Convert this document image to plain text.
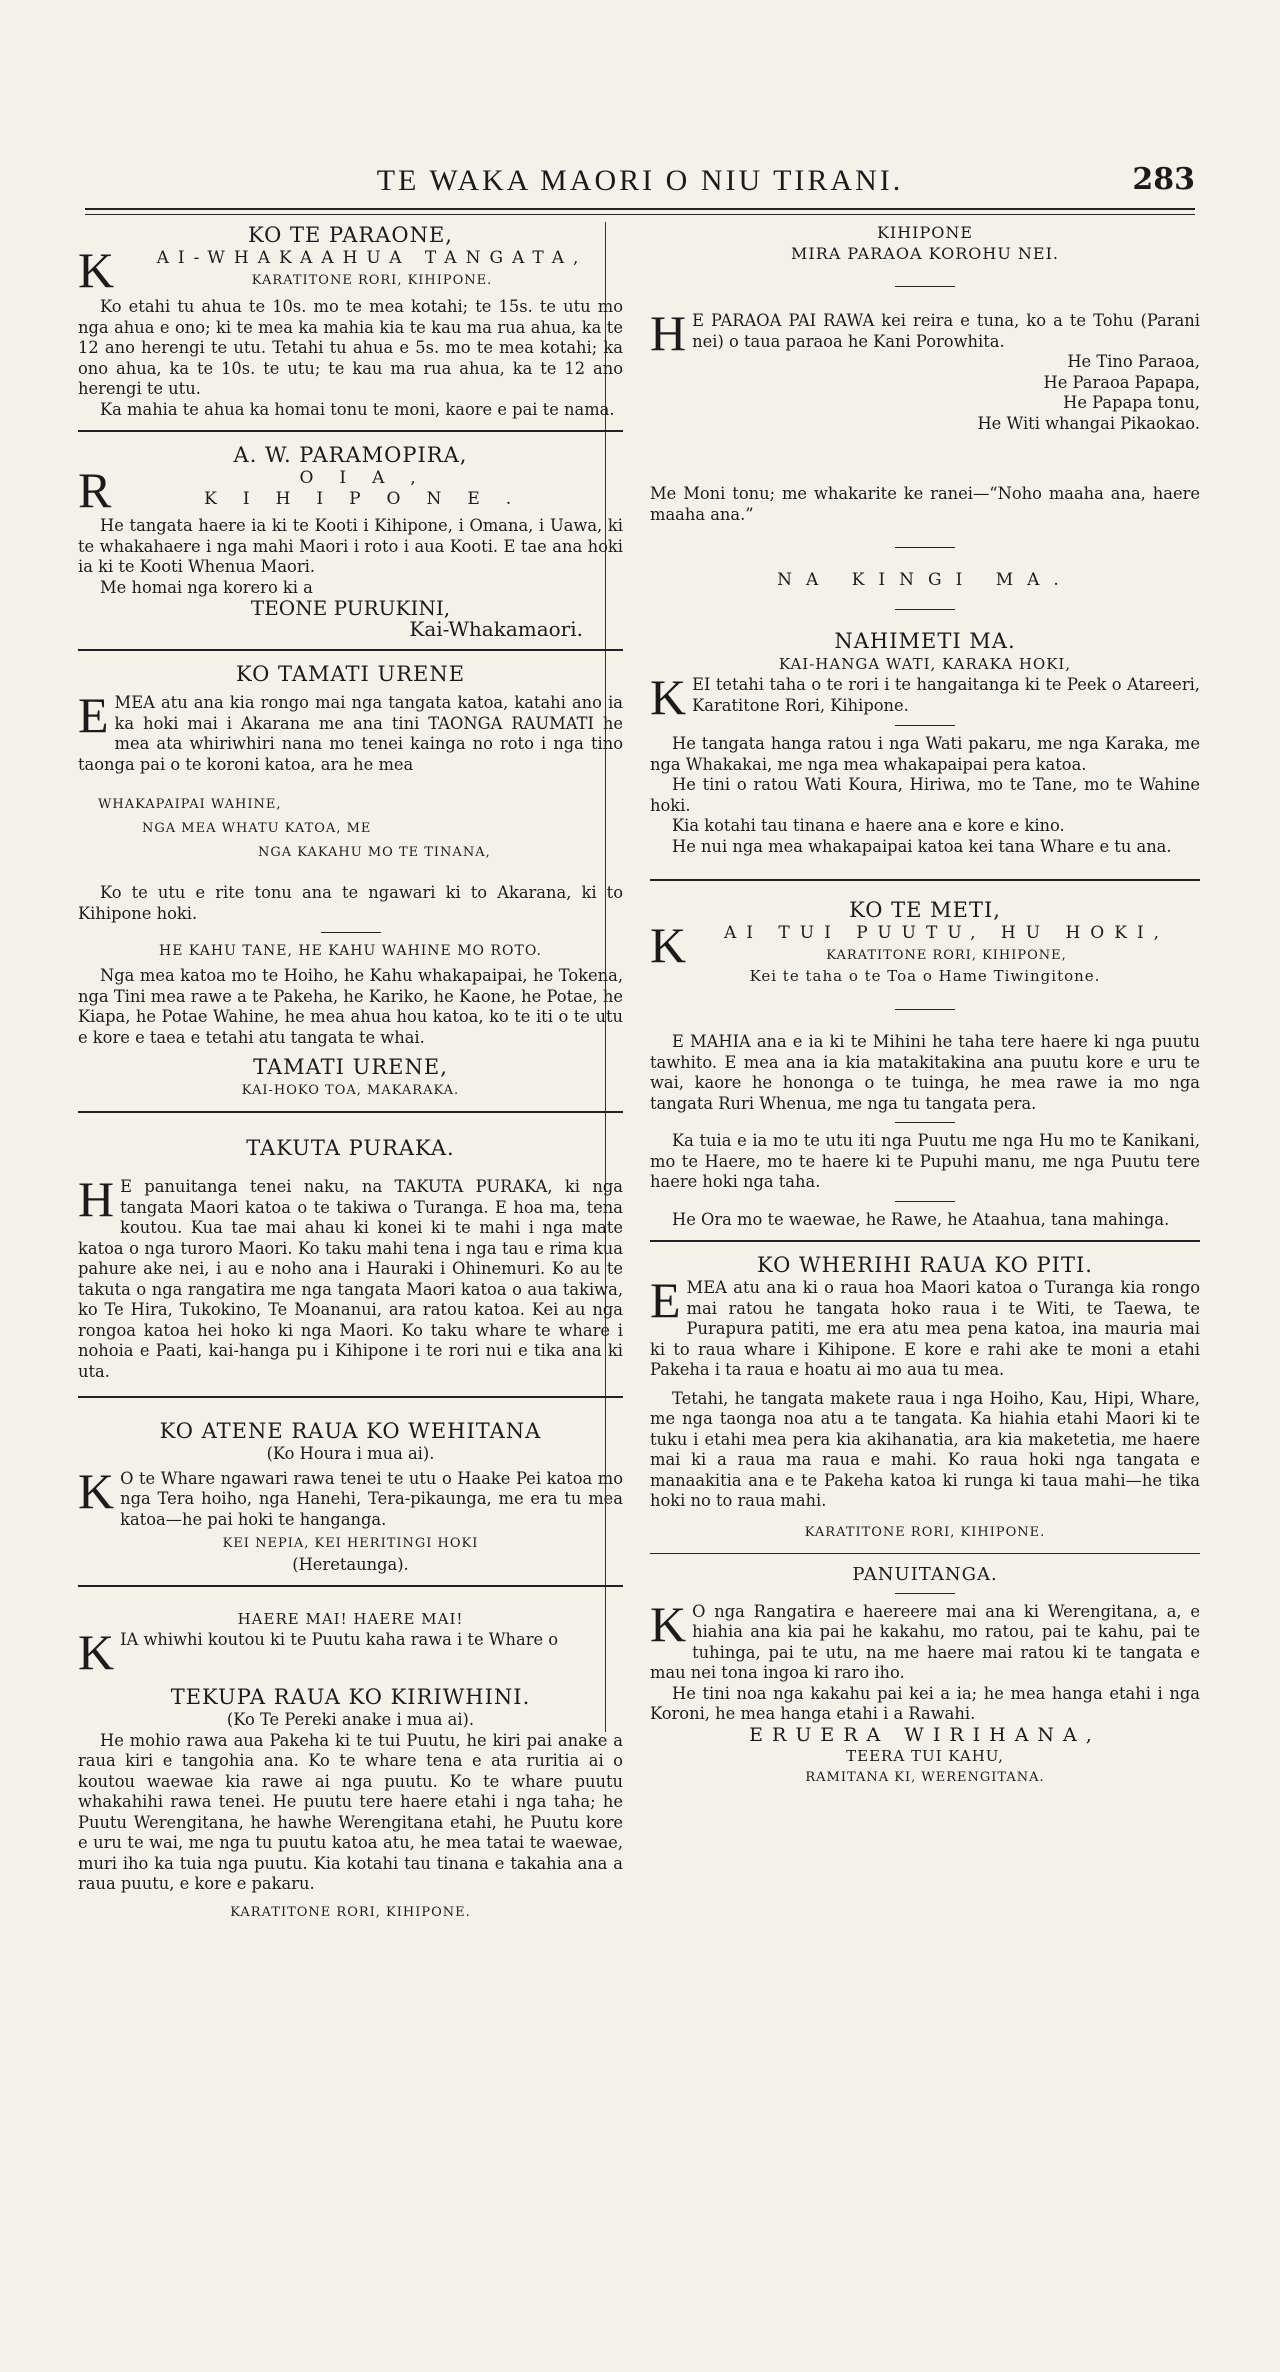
TE WAKA MAORI O NIU TIRANI.	283
KO TE PARAONE,
K AI-WHAKAAHUA TANGATA,
KARATITONE RORI, KIHIPONE.

Ko etahi tu ahua te 10s. mo te mea kotahi; te 15s. te utu mo nga ahua e ono; ki te mea ka mahia kia te kau ma rua ahua, ka te 12 ano herengi te utu. Tetahi tu ahua e 5s. mo te mea kotahi; ka ono ahua, ka te 10s. te utu; te kau ma rua ahua, ka te 12 ano herengi te utu.

Ka mahia te ahua ka homai tonu te moni, kaore e pai te nama.

A. W. PARAMOPIRA,
R	OIA, KIHIPONE.

He tangata haere ia ki te Kooti i Kihipone, i Omana, i Uawa, ki te whakahaere i nga mahi Maori i roto i aua Kooti. E tae ana hoki ia ki te Kooti Whenua Maori.

Me homai nga korero ki a

TEONE PURUKINI,
Kai-Whakamaori.
KO TAMATI URENE

EMEA atu ana kia rongo mai nga tangata katoa, katahi ano ia ka hoki mai i Akarana me ana tini TAONGA RAUMATI he mea ata whiriwhiri nana mo tenei kainga no roto i nga tino taonga pai o te koroni katoa, ara he mea

WHAKAPAIPAI WAHINE,
NGA MEA WHATU KATOA, ME
NGA KAKAHU MO TE TINANA,

Ko te utu e rite tonu ana te ngawari ki to Akarana, ki to Kihipone hoki.

HE KAHU TANE, HE KAHU WAHINE MO ROTO.

Nga mea katoa mo te Hoiho, he Kahu whakapaipai, he Tokena, nga Tini mea rawe a te Pakeha, he Kariko, he Kaone, he Potae, he Kiapa, he Potae Wahine, he mea ahua hou katoa, ko te iti o te utu e kore e taea e tetahi atu tangata te whai.

TAMATI URENE,
KAI-HOKO TOA, MAKARAKA.
TAKUTA PURAKA.

H E panuitanga tenei naku, na TAKUTA PURAKA, ki nga tangata Maori katoa o te takiwa o Turanga. E hoa ma, tena koutou. Kua tae mai ahau ki konei ki te mahi i nga mate katoa o nga turoro Maori. Ko taku mahi tena i nga tau e rima kua pahure ake nei, i au e noho ana i Hauraki i Ohinemuri. Ko au te takuta o nga rangatira me nga tangata Maori katoa o aua takiwa, ko Te Hira, Tukokino, Te Moananui, ara ratou katoa. Kei au nga rongoa katoa hei hoko ki nga Maori. Ko taku whare te whare i nohoia e Paati, kai-hanga pu i Kihipone i te rori nui e tika ana ki uta.

KO ATENE RAUA KO WEHITANA
(Ko Houra i mua ai).

K O te Whare ngawari rawa tenei te utu o Haake Pei katoa mo nga Tera hoiho, nga Hanehi, Tera-pikaunga, me era tu mea katoa—he pai hoki te hanganga.

KEI NEPIA, KEI HERITINGI HOKI
(Heretaunga).
HAERE MAI! HAERE MAI!

KIA whiwhi koutou ki te Puutu kaha rawa i te Whare o

TEKUPA RAUA KO KIRIWHINI.
(Ko Te Pereki anake i mua ai).

He mohio rawa aua Pakeha ki te tui Puutu, he kiri pai anake a raua kiri e tangohia ana. Ko te whare tena e ata ruritia ai o koutou waewae kia rawe ai nga puutu. Ko te whare puutu whakahihi rawa tenei. He puutu tere haere etahi i nga taha; he Puutu Werengitana, he hawhe Werengitana etahi, he Puutu kore e uru te wai, me nga tu puutu katoa atu, he mea tatai te waewae, muri iho ka tuia nga puutu. Kia kotahi tau tinana e takahia ana a raua puutu, e kore e pakaru.

KARATITONE RORI, KIHIPONE.
KIHIPONE
MIRA PARAOA KOROHU NEI.

H E PARAOA PAI RAWA kei reira e tuna, ko a te Tohu (Parani nei) o taua paraoa he Kani Porowhita.

He Tino Paraoa,
He Paraoa Papapa,
He Papapa tonu,
He Witi whangai Pikaokao.

Me Moni tonu; me whakarite ke ranei—“Noho maaha ana, haere maaha ana.”

NA KINGI MA.
NAHIMETI MA.
KAI-HANGA WATI, KARAKA HOKI,

KEI tetahi taha o te rori i te hangaitanga ki te Peek o Atareeri, Karatitone Rori, Kihipone.

He tangata hanga ratou i nga Wati pakaru, me nga Karaka, me nga Whakakai, me nga mea whakapaipai pera katoa.

He tini o ratou Wati Koura, Hiriwa, mo te Tane, mo te Wahine hoki.

Kia kotahi tau tinana e haere ana e kore e kino.

He nui nga mea whakapaipai katoa kei tana Whare e tu ana.

KO TE METI,
K AI TUI PUUTU, HU HOKI,
KARATITONE RORI, KIHIPONE,
Kei te taha o te Toa o Hame Tiwingitone.

E MAHIA ana e ia ki te Mihini he taha tere haere ki nga puutu tawhito. E mea ana ia kia matakitakina ana puutu kore e uru te wai, kaore he hononga o te tuinga, he mea rawe ia mo nga tangata Ruri Whenua, me nga tu tangata pera.

Ka tuia e ia mo te utu iti nga Puutu me nga Hu mo te Kanikani, mo te Haere, mo te haere ki te Pupuhi manu, me nga Puutu tere haere hoki nga taha.

He Ora mo te waewae, he Rawe, he Ataahua, tana mahinga.

KO WHERIHI RAUA KO PITI.

EMEA atu ana ki o raua hoa Maori katoa o Turanga kia rongo mai ratou he tangata hoko raua i te Witi, te Taewa, te Purapura patiti, me era atu mea pena katoa, ina mauria mai ki to raua whare i Kihipone. E kore e rahi ake te moni a etahi Pakeha i ta raua e hoatu ai mo aua tu mea.

Tetahi, he tangata makete raua i nga Hoiho, Kau, Hipi, Whare, me nga taonga noa atu a te tangata. Ka hiahia etahi Maori ki te tuku i etahi mea pera kia akihanatia, ara kia maketetia, me haere mai ki a raua ma raua e mahi. Ko raua hoki nga tangata e manaakitia ana e te Pakeha katoa ki runga ki taua mahi—he tika hoki no to raua mahi.

KARATITONE RORI, KIHIPONE.
PANUITANGA.

K O nga Rangatira e haereere mai ana ki Werengitana, a, e hiahia ana kia pai he kakahu, mo ratou, pai te kahu, pai te tuhinga, pai te utu, na me haere mai ratou ki te tangata e mau nei tona ingoa ki raro iho.

He tini noa nga kakahu pai kei a ia; he mea hanga etahi i nga Koroni, he mea hanga etahi i a Rawahi.

ERUERA WIRIHANA,
TEERA TUI KAHU,
RAMITANA KI, WERENGITANA.
